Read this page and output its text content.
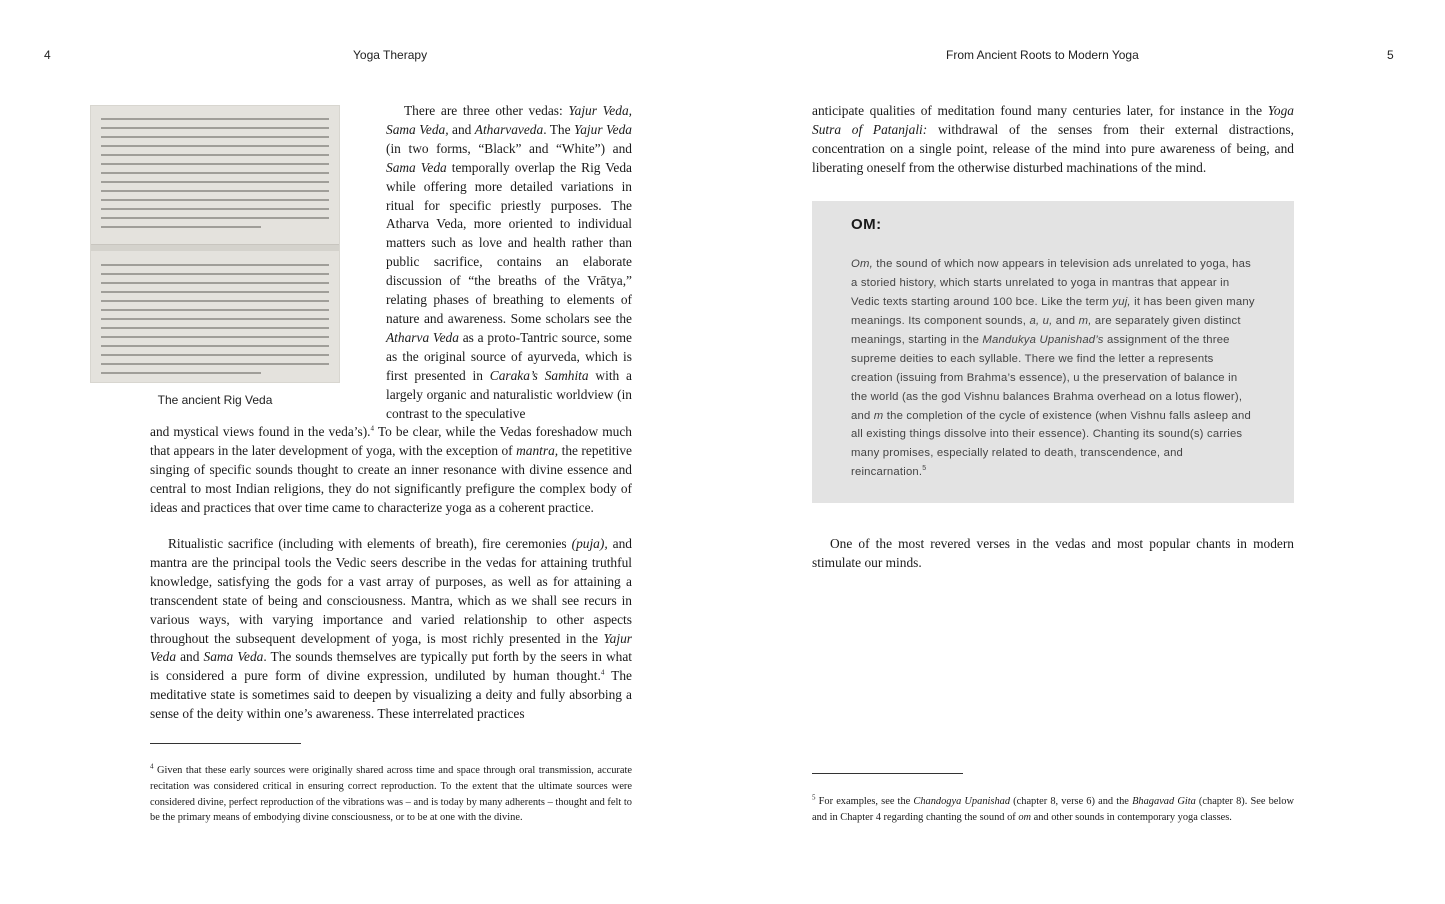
4	Yoga Therapy	From Ancient Roots to Modern Yoga	5
The ancient Rig Veda

There are three other vedas: Yajur Veda, Sama Veda, and Atharvaveda. The Yajur Veda (in two forms, “Black” and “White”) and Sama Veda temporally overlap the Rig Veda while offering more detailed variations in ritual for specific priestly purposes. The Atharva Veda, more oriented to individual matters such as love and health rather than public sacrifice, contains an elaborate discussion of “the breaths of the Vrātya,” relating phases of breathing to elements of nature and awareness. Some scholars see the Atharva Veda as a proto-Tantric source, some as the original source of ayurveda, which is first presented in Caraka’s Samhita with a largely organic and naturalistic worldview (in contrast to the speculative

and mystical views found in the veda’s).$^4$ To be clear, while the Vedas foreshadow much that appears in the later development of yoga, with the exception of mantra, the repetitive singing of specific sounds thought to create an inner resonance with divine essence and central to most Indian religions, they do not significantly prefigure the complex body of ideas and practices that over time came to characterize yoga as a coherent practice.

Ritualistic sacrifice (including with elements of breath), fire ceremonies (puja), and mantra are the principal tools the Vedic seers describe in the vedas for attaining truthful knowledge, satisfying the gods for a vast array of purposes, as well as for attaining a transcendent state of being and consciousness. Mantra, which as we shall see recurs in various ways, with varying importance and varied relationship to other aspects throughout the subsequent development of yoga, is most richly presented in the Yajur Veda and Sama Veda. The sounds themselves are typically put forth by the seers in what is considered a pure form of divine expression, undiluted by human thought.$^4$ The meditative state is sometimes said to deepen by visualizing a deity and fully absorbing a sense of the deity within one’s awareness. These interrelated practices

$^4$ Given that these early sources were originally shared across time and space through oral transmission, accurate recitation was considered critical in ensuring correct reproduction. To the extent that the ultimate sources were considered divine, perfect reproduction of the vibrations was – and is today by many adherents – thought and felt to be the primary means of embodying divine consciousness, or to be at one with the divine.

anticipate qualities of meditation found many centuries later, for instance in the Yoga Sutra of Patanjali: withdrawal of the senses from their external distractions, concentration on a single point, release of the mind into pure awareness of being, and liberating oneself from the otherwise disturbed machinations of the mind.

OM:

Om, the sound of which now appears in television ads unrelated to yoga, has a storied history, which starts unrelated to yoga in mantras that appear in Vedic texts starting around 100 bce. Like the term yuj, it has been given many meanings. Its component sounds, a, u, and m, are separately given distinct meanings, starting in the Mandukya Upanishad’s assignment of the three supreme deities to each syllable. There we find the letter a represents creation (issuing from Brahma’s essence), u the preservation of balance in the world (as the god Vishnu balances Brahma overhead on a lotus flower), and m the completion of the cycle of existence (when Vishnu falls asleep and all existing things dissolve into their essence). Chanting its sound(s) carries many promises, especially related to death, transcendence, and reincarnation.$^5$

One of the most revered verses in the vedas and most popular chants in modern stimulate our minds.

$^5$ For examples, see the Chandogya Upanishad (chapter 8, verse 6) and the Bhagavad Gita (chapter 8). See below and in Chapter 4 regarding chanting the sound of om and other sounds in contemporary yoga classes.
